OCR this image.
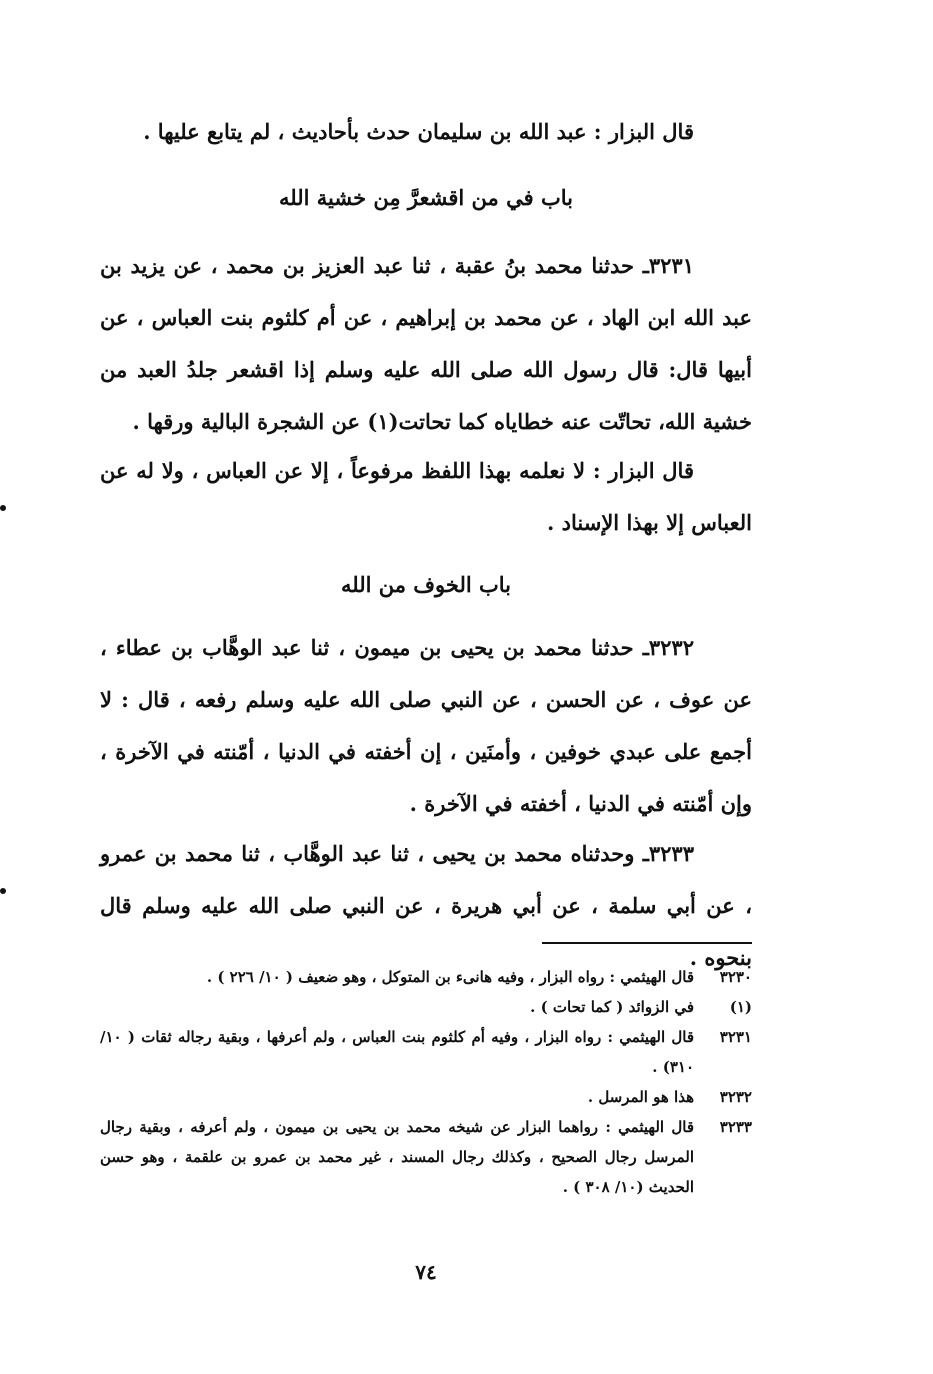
قال البزار : عبد الله بن سليمان حدث بأحاديث ، لم يتابع عليها .
باب في من اقشعرَّ مِن خشية الله
٣٢٣١ـ حدثنا محمد بنُ عقبة ، ثنا عبد العزيز بن محمد ، عن يزيد بن عبد الله ابن الهاد ، عن محمد بن إبراهيم ، عن أم كلثوم بنت العباس ، عن أبيها قال: قال رسول الله صلى الله عليه وسلم إذا اقشعر جلدُ العبد من خشية الله، تحاتّت عنه خطاياه كما تحاتت(١) عن الشجرة البالية ورقها .
قال البزار : لا نعلمه بهذا اللفظ مرفوعاً ، إلا عن العباس ، ولا له عن العباس إلا بهذا الإسناد .
باب الخوف من الله
٣٢٣٢ـ حدثنا محمد بن يحيى بن ميمون ، ثنا عبد الوهَّاب بن عطاء ، عن عوف ، عن الحسن ، عن النبي صلى الله عليه وسلم رفعه ، قال : لا أجمع على عبدي خوفين ، وأمنَين ، إن أخفته في الدنيا ، أمّنته في الآخرة ، وإن أمّنته في الدنيا ، أخفته في الآخرة .
٣٢٣٣ـ وحدثناه محمد بن يحيى ، ثنا عبد الوهَّاب ، ثنا محمد بن عمرو ، عن أبي سلمة ، عن أبي هريرة ، عن النبي صلى الله عليه وسلم قال بنحوه .
٣٢٣٠
قال الهيثمي : رواه البزار ، وفيه هانىء بن المتوكل ، وهو ضعيف ( ١٠/ ٢٢٦ ) .
(١)
في الزوائد ( كما تحات ) .
٣٢٣١
قال الهيثمي : رواه البزار ، وفيه أم كلثوم بنت العباس ، ولم أعرفها ، وبقية رجاله ثقات ( ١٠/ ٣١٠) .
٣٢٣٢
هذا هو المرسل .
٣٢٣٣
قال الهيثمي : رواهما البزار عن شيخه محمد بن يحيى بن ميمون ، ولم أعرفه ، وبقية رجال المرسل رجال الصحيح ، وكذلك رجال المسند ، غير محمد بن عمرو بن علقمة ، وهو حسن الحديث (١٠/ ٣٠٨ ) .
٧٤
